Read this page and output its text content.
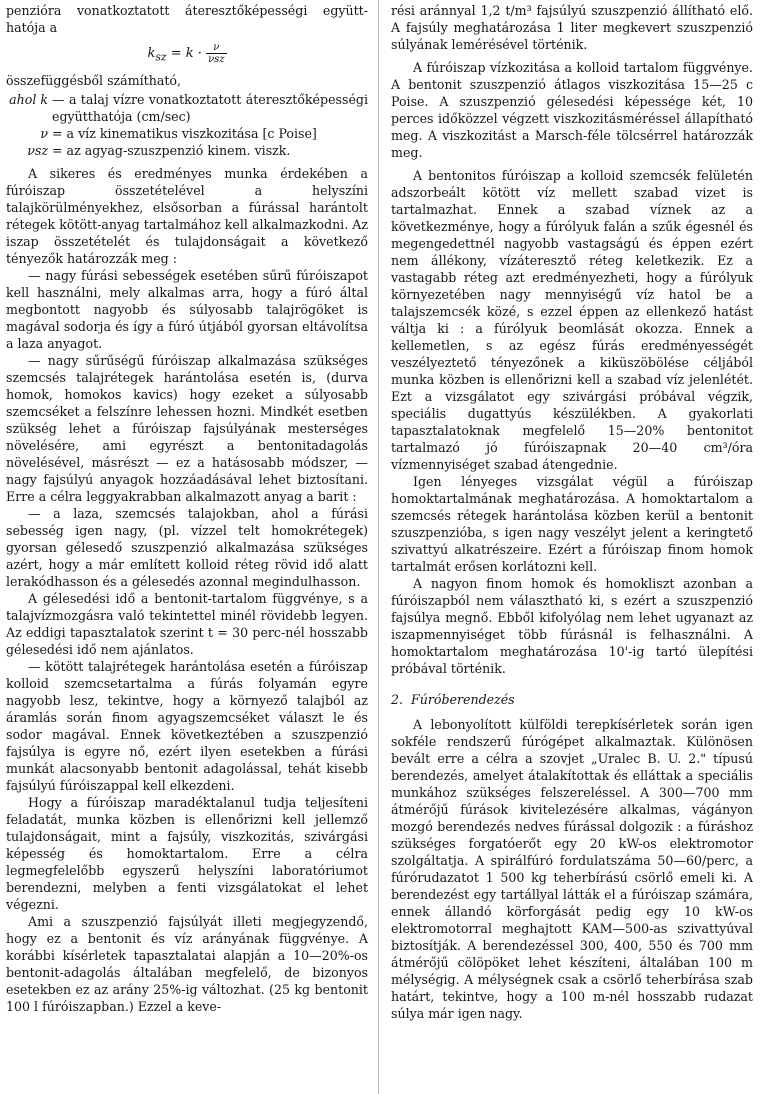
penzióra vonatkoztatott áteresztőképességi együtt-hatója a

$k_{sz} = k \cdot \frac{\nu}{\text{νsz}}$

összefüggésből számítható,

ahol k — a talaj vízre vonatkoztatott áteresztőképességi együtthatója (cm/sec)
ν = a víz kinematikus viszkozitása [c Poise]
νsz = az agyag-szuszpenzió kinem. viszk.

A sikeres és eredményes munka érdekében a fúróiszap összetételével a helyszíni talajkörülményekhez, elsősorban a fúrással harántolt rétegek kötött-anyag tartalmához kell alkalmazkodni. Az iszap összetételét és tulajdonságait a következő tényezők határozzák meg :

— nagy fúrási sebességek esetében sűrű fúróiszapot kell használni, mely alkalmas arra, hogy a fúró által megbontott nagyobb és súlyosabb talajrögöket is magával sodorja és így a fúró útjából gyorsan eltávolítsa a laza anyagot.

— nagy sűrűségű fúróiszap alkalmazása szükséges szemcsés talajrétegek harántolása esetén is, (durva homok, homokos kavics) hogy ezeket a súlyosabb szemcséket a felszínre lehessen hozni. Mindkét esetben szükség lehet a fúróiszap fajsúlyának mesterséges növelésére, ami egyrészt a bentonitadagolás növelésével, másrészt — ez a hatásosabb módszer, — nagy fajsúlyú anyagok hozzáadásával lehet biztosítani. Erre a célra leggyakrabban alkalmazott anyag a barit :

— a laza, szemcsés talajokban, ahol a fúrási sebesség igen nagy, (pl. vízzel telt homokrétegek) gyorsan gélesedő szuszpenzió alkalmazása szükséges azért, hogy a már említett kolloid réteg rövid idő alatt lerakódhasson és a gélesedés azonnal megindulhasson.

A gélesedési idő a bentonit-tartalom függvénye, s a talajvízmozgásra való tekintettel minél rövidebb legyen. Az eddigi tapasztalatok szerint t = 30 perc-nél hosszabb gélesedési idő nem ajánlatos.

— kötött talajrétegek harántolása esetén a fúróiszap kolloid szemcsetartalma a fúrás folyamán egyre nagyobb lesz, tekintve, hogy a környező talajból az áramlás során finom agyagszemcséket választ le és sodor magával. Ennek következtében a szuszpenzió fajsúlya is egyre nő, ezért ilyen esetekben a fúrási munkát alacsonyabb bentonit adagolással, tehát kisebb fajsúlyú fúróiszappal kell elkezdeni.

Hogy a fúróiszap maradéktalanul tudja teljesíteni feladatát, munka közben is ellenőrizni kell jellemző tulajdonságait, mint a fajsúly, viszkozitás, szivárgási képesség és homoktartalom. Erre a célra legmegfelelőbb egyszerű helyszíni laboratóriumot berendezni, melyben a fenti vizsgálatokat el lehet végezni.

Ami a szuszpenzió fajsúlyát illeti megjegyzendő, hogy ez a bentonit és víz arányának függvénye. A korábbi kísérletek tapasztalatai alapján a 10—20%-os bentonit-adagolás általában megfelelő, de bizonyos esetekben ez az arány 25%-ig változhat. (25 kg bentonit 100 l fúróiszapban.) Ezzel a keve-

rési aránnyal 1,2 t/m³ fajsúlyú szuszpenzió állítható elő. A fajsúly meghatározása 1 liter megkevert szuszpenzió súlyának lemérésével történik.

A fúróiszap vízkozitása a kolloid tartalom függvénye. A bentonit szuszpenzió átlagos viszkozitása 15—25 c Poise. A szuszpenzió gélesedési képessége két, 10 perces időközzel végzett viszkozitásméréssel állapítható meg. A viszkozitást a Marsch-féle tölcsérrel határozzák meg.

A bentonitos fúróiszap a kolloid szemcsék felületén adszorbeált kötött víz mellett szabad vizet is tartalmazhat. Ennek a szabad víznek az a következménye, hogy a fúrólyuk falán a szűk égesnél és megengedettnél nagyobb vastagságú és éppen ezért nem állékony, vízáteresztő réteg keletkezik. Ez a vastagabb réteg azt eredményezheti, hogy a fúrólyuk környezetében nagy mennyiségű víz hatol be a talajszemcsék közé, s ezzel éppen az ellenkező hatást váltja ki : a fúrólyuk beomlását okozza. Ennek a kellemetlen, s az egész fúrás eredményességét veszélyeztető tényezőnek a kiküszöbölése céljából munka közben is ellenőrizni kell a szabad víz jelenlétét. Ezt a vizsgálatot egy szivárgási próbával végzik, speciális dugattyús készülékben. A gyakorlati tapasztalatoknak megfelelő 15—20% bentonitot tartalmazó jó fúróiszapnak 20—40 cm³/óra vízmennyiséget szabad átengednie.

Igen lényeges vizsgálat végül a fúróiszap homoktartalmának meghatározása. A homoktartalom a szemcsés rétegek harántolása közben kerül a bentonit szuszpenzióba, s igen nagy veszélyt jelent a keringtető szivattyú alkatrészeire. Ezért a fúróiszap finom homok tartalmát erősen korlátozni kell.

A nagyon finom homok és homokliszt azonban a fúróiszapból nem választható ki, s ezért a szuszpenzió fajsúlya megnő. Ebből kifolyólag nem lehet ugyanazt az iszapmennyiséget több fúrásnál is felhasználni. A homoktartalom meghatározása 10'-ig tartó ülepítési próbával történik.

2. Fúróberendezés

A lebonyolított külföldi terepkísérletek során igen sokféle rendszerű fúrógépet alkalmaztak. Különösen bevált erre a célra a szovjet „Uralec B. U. 2." típusú berendezés, amelyet átalakítottak és elláttak a speciális munkához szükséges felszereléssel. A 300—700 mm átmérőjű fúrások kivitelezésére alkalmas, vágányon mozgó berendezés nedves fúrással dolgozik : a fúráshoz szükséges forgatóerőt egy 20 kW-os elektromotor szolgáltatja. A spirálfúró fordulatszáma 50—60/perc, a fúrórudazatot 1 500 kg teherbírású csörlő emeli ki. A berendezést egy tartállyal látták el a fúróiszap számára, ennek állandó körforgását pedig egy 10 kW-os elektromotorral meghajtott KAM—500-as szivattyúval biztosítják. A berendezéssel 300, 400, 550 és 700 mm átmérőjű cölöpöket lehet készíteni, általában 100 m mélységig. A mélységnek csak a csörlő teherbírása szab határt, tekintve, hogy a 100 m-nél hosszabb rudazat súlya már igen nagy.
